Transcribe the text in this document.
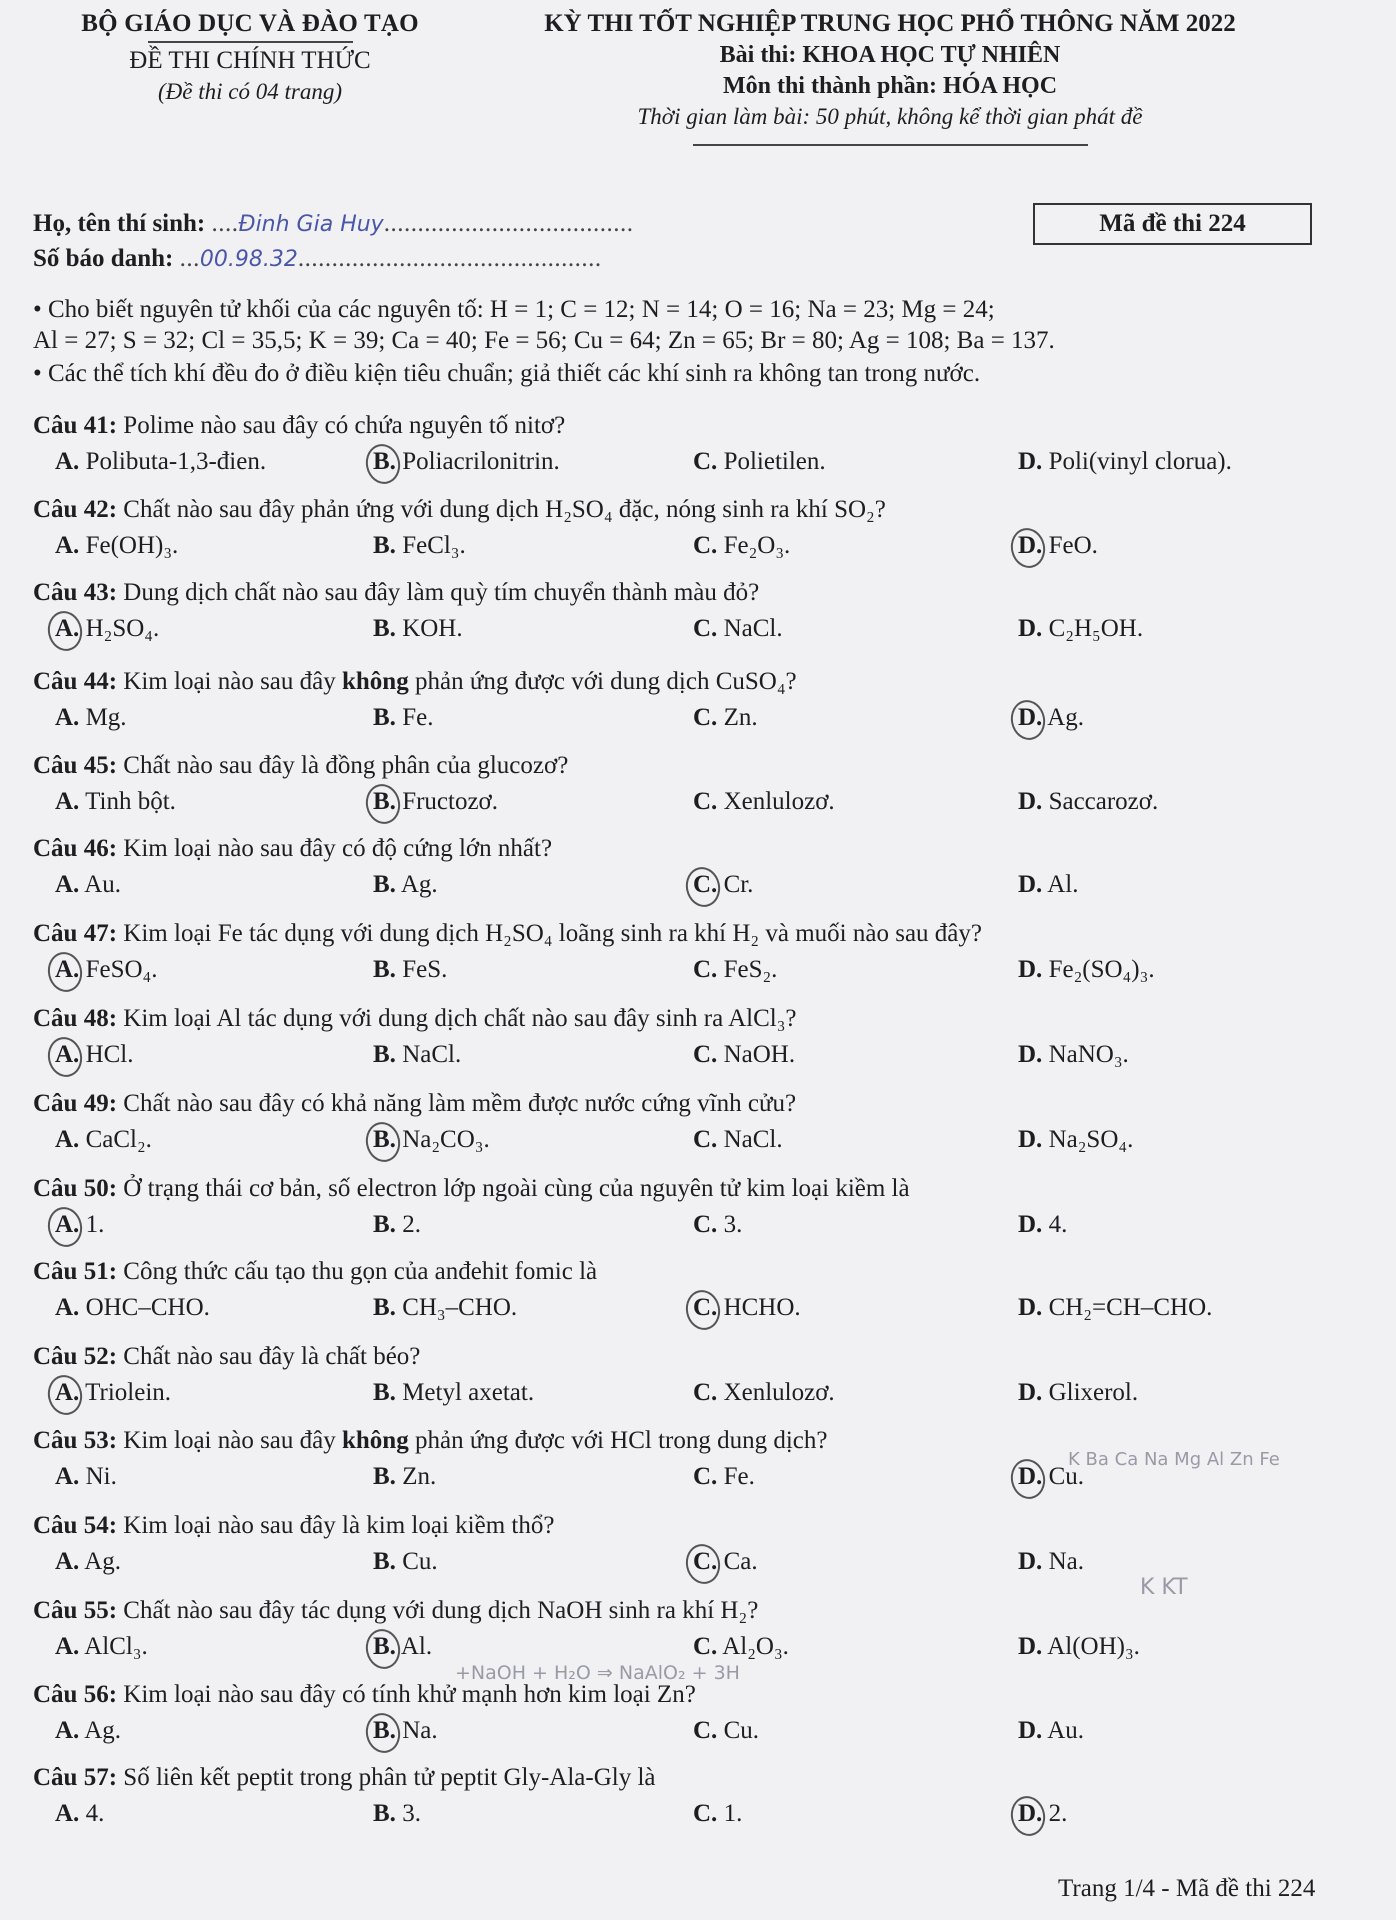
BỘ GIÁO DỤC VÀ ĐÀO TẠO
ĐỀ THI CHÍNH THỨC
(Đề thi có 04 trang)
KỲ THI TỐT NGHIỆP TRUNG HỌC PHỔ THÔNG NĂM 2022
Bài thi: KHOA HỌC TỰ NHIÊN
Môn thi thành phần: HÓA HỌC
Thời gian làm bài: 50 phút, không kể thời gian phát đề
Họ, tên thí sinh: ....Đinh Gia Huy.....................................
Số báo danh: ...00.98.32.............................................
Mã đề thi 224
• Cho biết nguyên tử khối của các nguyên tố: H = 1; C = 12; N = 14; O = 16; Na = 23; Mg = 24;
Al = 27; S = 32; Cl = 35,5; K = 39; Ca = 40; Fe = 56; Cu = 64; Zn = 65; Br = 80; Ag = 108; Ba = 137.
• Các thể tích khí đều đo ở điều kiện tiêu chuẩn; giả thiết các khí sinh ra không tan trong nước.
Câu 41: Polime nào sau đây có chứa nguyên tố nitơ?
A. Polibuta-1,3-đien.	B. Poliacrilonitrin.	C. Polietilen.	D. Poli(vinyl clorua).
Câu 42: Chất nào sau đây phản ứng với dung dịch H₂SO₄ đặc, nóng sinh ra khí SO₂?
A. Fe(OH)₃.	B. FeCl₃.	C. Fe₂O₃.	D. FeO.
Câu 43: Dung dịch chất nào sau đây làm quỳ tím chuyển thành màu đỏ?
A. H₂SO₄.	B. KOH.	C. NaCl.	D. C₂H₅OH.
Câu 44: Kim loại nào sau đây không phản ứng được với dung dịch CuSO₄?
A. Mg.	B. Fe.	C. Zn.	D. Ag.
Câu 45: Chất nào sau đây là đồng phân của glucozơ?
A. Tinh bột.	B. Fructozơ.	C. Xenlulozơ.	D. Saccarozơ.
Câu 46: Kim loại nào sau đây có độ cứng lớn nhất?
A. Au.	B. Ag.	C. Cr.	D. Al.
Câu 47: Kim loại Fe tác dụng với dung dịch H₂SO₄ loãng sinh ra khí H₂ và muối nào sau đây?
A. FeSO₄.	B. FeS.	C. FeS₂.	D. Fe₂(SO₄)₃.
Câu 48: Kim loại Al tác dụng với dung dịch chất nào sau đây sinh ra AlCl₃?
A. HCl.	B. NaCl.	C. NaOH.	D. NaNO₃.
Câu 49: Chất nào sau đây có khả năng làm mềm được nước cứng vĩnh cửu?
A. CaCl₂.	B. Na₂CO₃.	C. NaCl.	D. Na₂SO₄.
Câu 50: Ở trạng thái cơ bản, số electron lớp ngoài cùng của nguyên tử kim loại kiềm là
A. 1.	B. 2.	C. 3.	D. 4.
Câu 51: Công thức cấu tạo thu gọn của anđehit fomic là
A. OHC–CHO.	B. CH₃–CHO.	C. HCHO.	D. CH₂=CH–CHO.
Câu 52: Chất nào sau đây là chất béo?
A. Triolein.	B. Metyl axetat.	C. Xenlulozơ.	D. Glixerol.
Câu 53: Kim loại nào sau đây không phản ứng được với HCl trong dung dịch?
A. Ni.	B. Zn.	C. Fe.	D. Cu.
Câu 54: Kim loại nào sau đây là kim loại kiềm thổ?
A. Ag.	B. Cu.	C. Ca.	D. Na.
Câu 55: Chất nào sau đây tác dụng với dung dịch NaOH sinh ra khí H₂?
A. AlCl₃.	B. Al.	C. Al₂O₃.	D. Al(OH)₃.
Câu 56: Kim loại nào sau đây có tính khử mạnh hơn kim loại Zn?
A. Ag.	B. Na.	C. Cu.	D. Au.
Câu 57: Số liên kết peptit trong phân tử peptit Gly-Ala-Gly là
A. 4.	B. 3.	C. 1.	D. 2.
K Ba Ca Na Mg Al Zn Fe
K KT
+NaOH + H₂O ⇒ NaAlO₂ + 3H
Trang 1/4 - Mã đề thi 224
